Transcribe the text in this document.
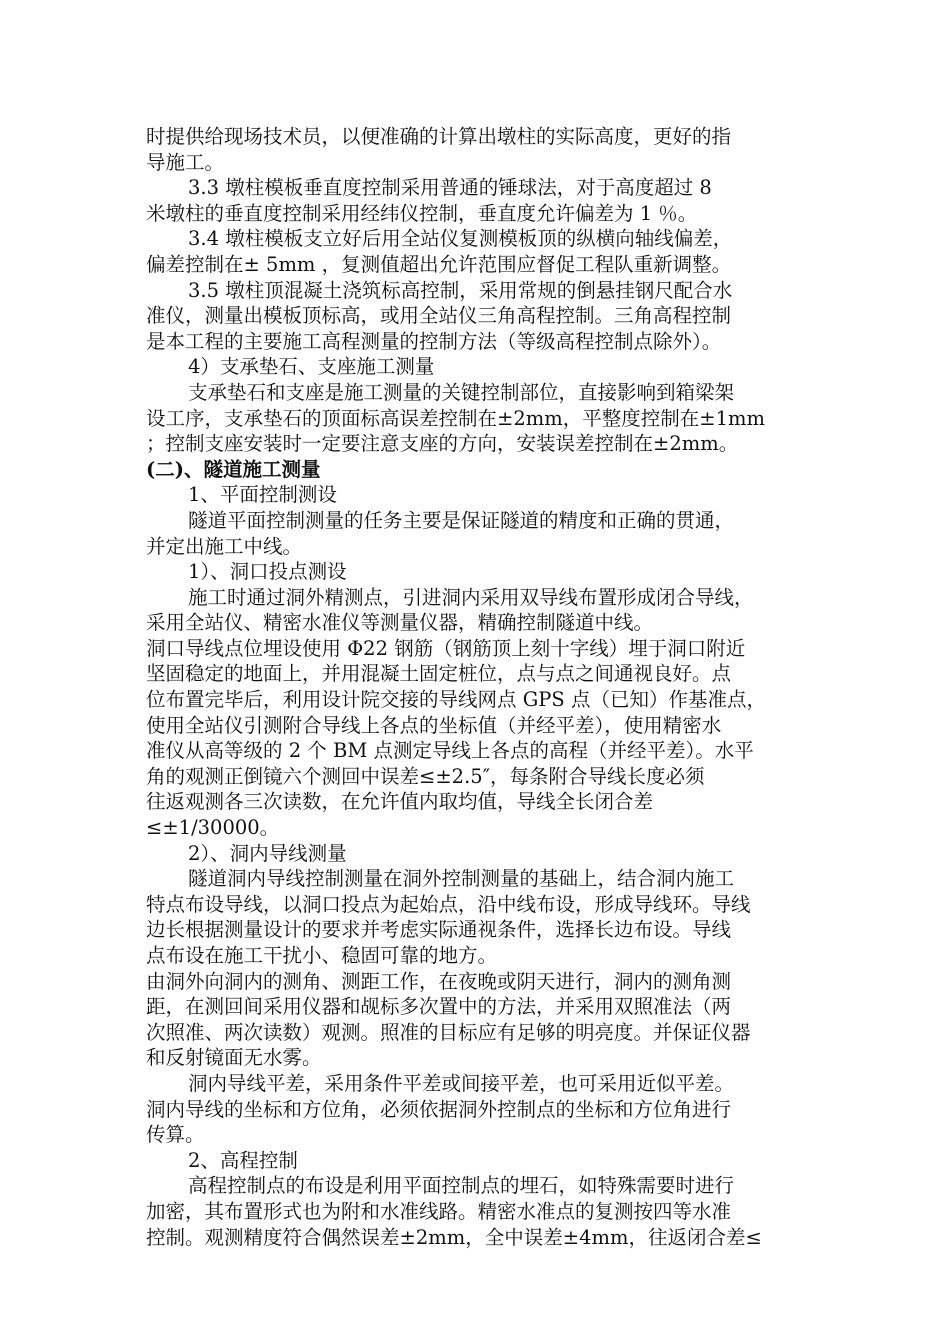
时提供给现场技术员，以便准确的计算出墩柱的实际高度，更好的指
导施工。
3.3 墩柱模板垂直度控制采用普通的锤球法，对于高度超过 8
米墩柱的垂直度控制采用经纬仪控制，垂直度允许偏差为 1 ％。
3.4 墩柱模板支立好后用全站仪复测模板顶的纵横向轴线偏差，
偏差控制在± 5mm ，复测值超出允许范围应督促工程队重新调整。
3.5 墩柱顶混凝土浇筑标高控制，采用常规的倒悬挂钢尺配合水
准仪，测量出模板顶标高，或用全站仪三角高程控制。三角高程控制
是本工程的主要施工高程测量的控制方法（等级高程控制点除外）。
4）支承垫石、支座施工测量
支承垫石和支座是施工测量的关键控制部位，直接影响到箱梁架
设工序，支承垫石的顶面标高误差控制在±2mm，平整度控制在±1mm
；控制支座安装时一定要注意支座的方向，安装误差控制在±2mm。
(二)、隧道施工测量
1、平面控制测设
隧道平面控制测量的任务主要是保证隧道的精度和正确的贯通，
并定出施工中线。
1）、洞口投点测设
施工时通过洞外精测点，引进洞内采用双导线布置形成闭合导线，
采用全站仪、精密水准仪等测量仪器，精确控制隧道中线。
洞口导线点位埋设使用 Φ22 钢筋（钢筋顶上刻十字线）埋于洞口附近
坚固稳定的地面上，并用混凝土固定桩位，点与点之间通视良好。点
位布置完毕后，利用设计院交接的导线网点 GPS 点（已知）作基准点，
使用全站仪引测附合导线上各点的坐标值（并经平差），使用精密水
准仪从高等级的 2 个 BM 点测定导线上各点的高程（并经平差）。水平
角的观测正倒镜六个测回中误差≤±2.5″，每条附合导线长度必须
往返观测各三次读数，在允许值内取均值，导线全长闭合差
≤±1/30000。
2）、洞内导线测量
隧道洞内导线控制测量在洞外控制测量的基础上，结合洞内施工
特点布设导线，以洞口投点为起始点，沿中线布设，形成导线环。导线
边长根据测量设计的要求并考虑实际通视条件，选择长边布设。导线
点布设在施工干扰小、稳固可靠的地方。
由洞外向洞内的测角、测距工作，在夜晚或阴天进行，洞内的测角测
距，在测回间采用仪器和觇标多次置中的方法，并采用双照准法（两
次照准、两次读数）观测。照准的目标应有足够的明亮度。并保证仪器
和反射镜面无水雾。
洞内导线平差，采用条件平差或间接平差，也可采用近似平差。
洞内导线的坐标和方位角，必须依据洞外控制点的坐标和方位角进行
传算。
2、高程控制
高程控制点的布设是利用平面控制点的埋石，如特殊需要时进行
加密，其布置形式也为附和水准线路。精密水准点的复测按四等水准
控制。观测精度符合偶然误差±2mm，全中误差±4mm，往返闭合差≤
